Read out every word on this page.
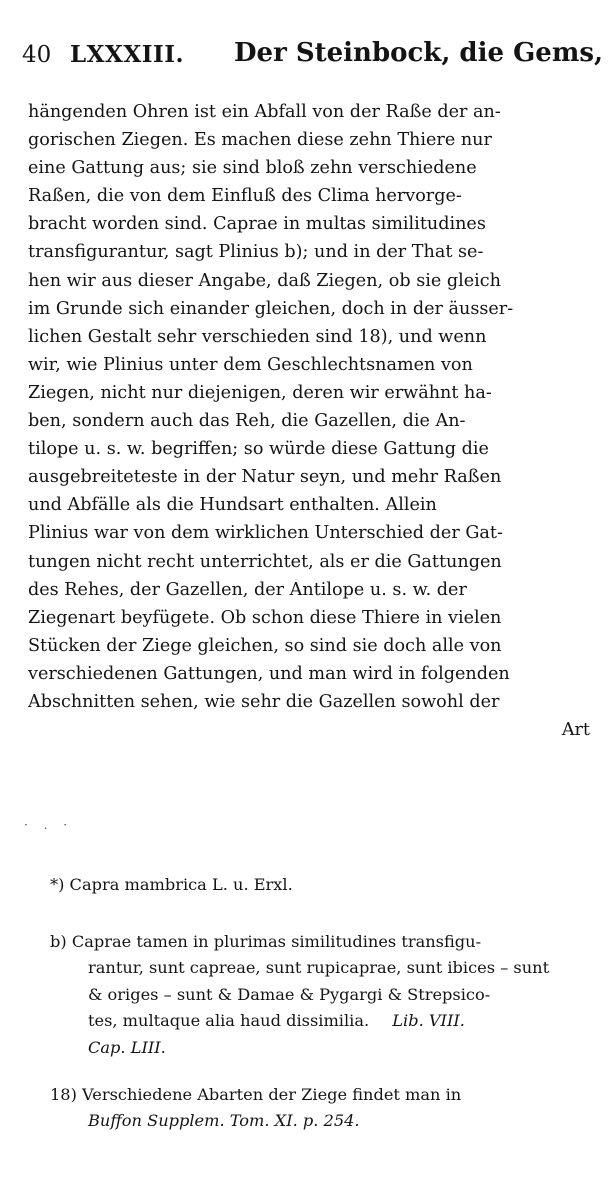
40 LXXXIII. Der Steinbock, die Gems,
hängenden Ohren ist ein Abfall von der Raße der an-
gorischen Ziegen. Es machen diese zehn Thiere nur
eine Gattung aus; sie sind bloß zehn verschiedene
Raßen, die von dem Einfluß des Clima hervorge-
bracht worden sind. Caprae in multas similitudines
transfigurantur, sagt Plinius b); und in der That se-
hen wir aus dieser Angabe, daß Ziegen, ob sie gleich
im Grunde sich einander gleichen, doch in der äusser-
lichen Gestalt sehr verschieden sind 18), und wenn
wir, wie Plinius unter dem Geschlechtsnamen von
Ziegen, nicht nur diejenigen, deren wir erwähnt ha-
ben, sondern auch das Reh, die Gazellen, die An-
tilope u. s. w. begriffen; so würde diese Gattung die
ausgebreiteteste in der Natur seyn, und mehr Raßen
und Abfälle als die Hundsart enthalten. Allein
Plinius war von dem wirklichen Unterschied der Gat-
tungen nicht recht unterrichtet, als er die Gattungen
des Rehes, der Gazellen, der Antilope u. s. w. der
Ziegenart beyfügete. Ob schon diese Thiere in vielen
Stücken der Ziege gleichen, so sind sie doch alle von
verschiedenen Gattungen, und man wird in folgenden
Abschnitten sehen, wie sehr die Gazellen sowohl der
Art
· . ·
*) Capra mambrica L. u. Erxl.
b) Caprae tamen in plurimas similitudines transfigu-
rantur, sunt capreae, sunt rupicaprae, sunt ibices – sunt
& origes – sunt & Damae & Pygargi & Strepsico-
tes, multaque alia haud dissimilia. Lib. VIII.
Cap. LIII.
18) Verschiedene Abarten der Ziege findet man in
Buffon Supplem. Tom. XI. p. 254.
